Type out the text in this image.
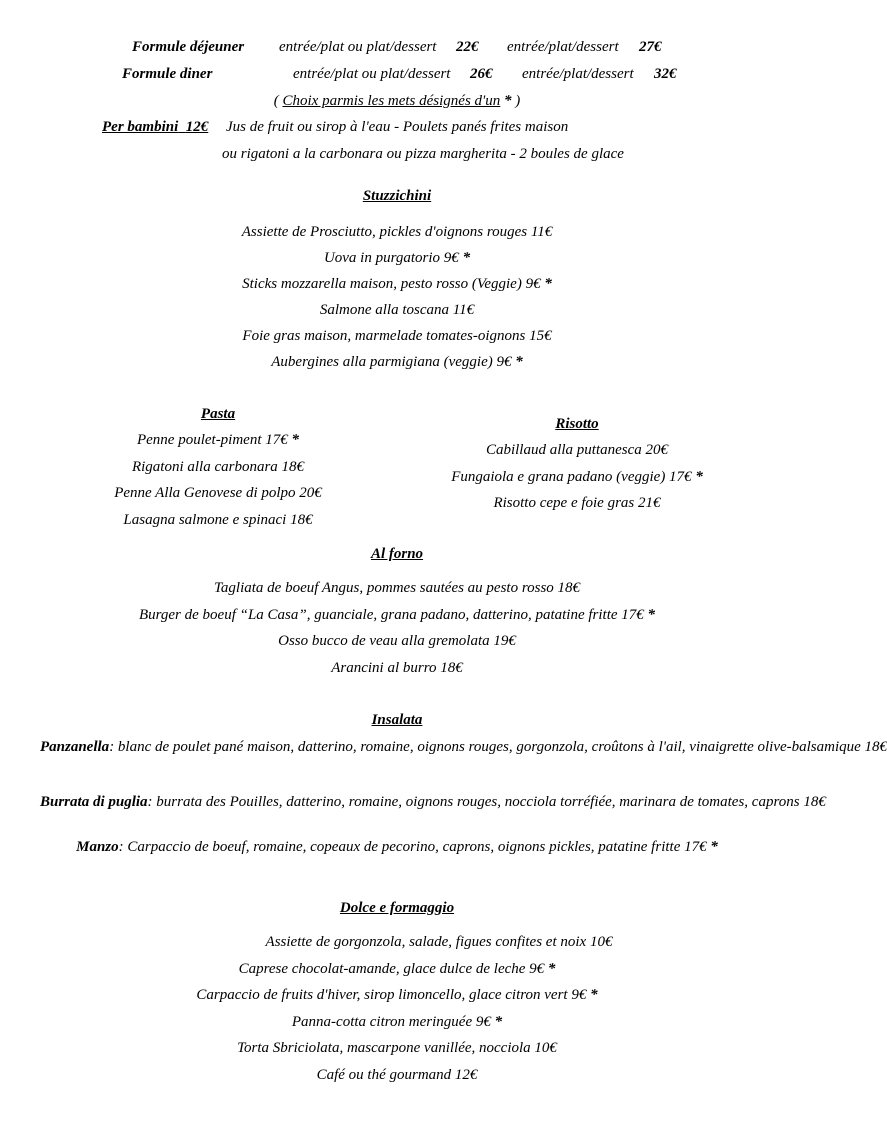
Formule déjeuner entrée/plat ou plat/dessert 22€ entrée/plat/dessert 27€
Formule diner	entrée/plat ou plat/dessert 26€ entrée/plat/dessert 32€
( Choix parmis les mets désignés d'un * )
Per bambini 12€ Jus de fruit ou sirop à l'eau - Poulets panés frites maison
ou rigatoni a la carbonara ou pizza margherita - 2 boules de glace
Stuzzichini
Assiette de Prosciutto, pickles d'oignons rouges 11€
Uova in purgatorio 9€ *
Sticks mozzarella maison, pesto rosso (Veggie) 9€ *
Salmone alla toscana 11€
Foie gras maison, marmelade tomates-oignons 15€
Aubergines alla parmigiana (veggie) 9€ *
Pasta
Penne poulet-piment 17€ *
Rigatoni alla carbonara 18€
Penne Alla Genovese di polpo 20€
Lasagna salmone e spinaci 18€
Risotto
Cabillaud alla puttanesca 20€
Fungaiola e grana padano (veggie) 17€ *
Risotto cepe e foie gras 21€
Al forno
Tagliata de boeuf Angus, pommes sautées au pesto rosso 18€
Burger de boeuf “La Casa”, guanciale, grana padano, datterino, patatine fritte 17€ *
Osso bucco de veau alla gremolata 19€
Arancini al burro 18€
Insalata
Panzanella: blanc de poulet pané maison, datterino, romaine, oignons rouges, gorgonzola, croûtons à l'ail, vinaigrette olive-balsamique 18€
Burrata di puglia: burrata des Pouilles, datterino, romaine, oignons rouges, nocciola torréfiée, marinara de tomates, caprons 18€
Manzo: Carpaccio de boeuf, romaine, copeaux de pecorino, caprons, oignons pickles, patatine fritte 17€ *
Dolce e formaggio
Assiette de gorgonzola, salade, figues confites et noix 10€
Caprese chocolat-amande, glace dulce de leche 9€ *
Carpaccio de fruits d'hiver, sirop limoncello, glace citron vert 9€ *
Panna-cotta citron meringuée 9€ *
Torta Sbriciolata, mascarpone vanillée, nocciola 10€
Café ou thé gourmand 12€
